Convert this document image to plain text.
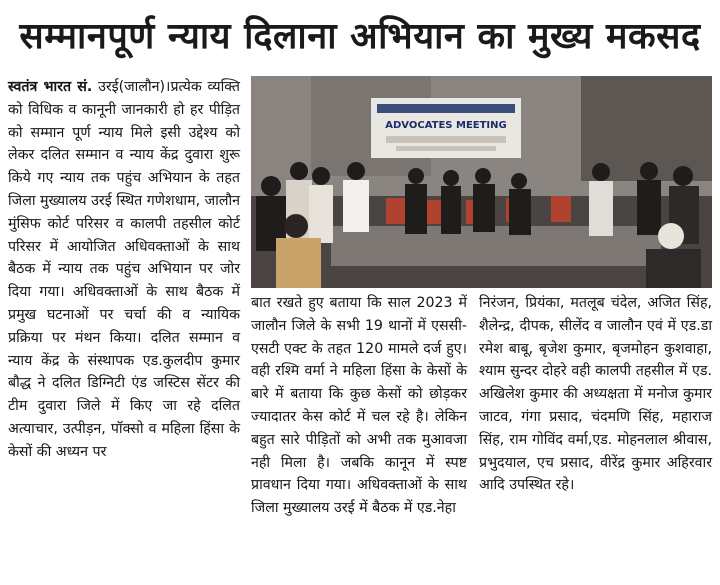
सम्मानपूर्ण न्याय दिलाना अभियान का मुख्य मकसद

स्वतंत्र भारत सं. उरई(जालौन)।प्रत्येक व्यक्ति को विधिक व कानूनी जानकारी हो हर पीड़ित को सम्मान पूर्ण न्याय मिले इसी उद्देश्य को लेकर दलित सम्मान व न्याय केंद्र दुवारा शुरू किये गए न्याय तक पहुंच अभियान के तहत जिला मुख्यालय उरई स्थित गणेशधाम, जालौन मुंसिफ कोर्ट परिसर व कालपी तहसील कोर्ट परिसर में आयोजित अधिवक्ताओं के साथ बैठक में न्याय तक पहुंच अभियान पर जोर दिया गया। अधिवक्ताओं के साथ बैठक में प्रमुख घटनाओं पर चर्चा की व न्यायिक प्रक्रिया पर मंथन किया। दलित सम्मान व न्याय केंद्र के संस्थापक एड.कुलदीप कुमार बौद्ध ने दलित डिग्निटी एंड जस्टिस सेंटर की टीम दुवारा जिले में किए जा रहे दलित अत्याचार, उत्पीड़न, पॉक्सो व महिला हिंसा के केसों की अध्यन पर

ADVOCATES MEETING

बात रखते हुए बताया कि साल 2023 में जालौन जिले के सभी 19 थानों में एससी-एसटी एक्ट के तहत 120 मामले दर्ज हुए। वही रश्मि वर्मा ने महिला हिंसा के केसों के बारे में बताया कि कुछ केसों को छोड़कर ज्यादातर केस कोर्ट में चल रहे है। लेकिन बहुत सारे पीड़ितों को अभी तक मुआवजा नही मिला है। जबकि कानून में स्पष्ट प्रावधान दिया गया। अधिवक्ताओं के साथ जिला मुख्यालय उरई में बैठक में एड.नेहा

निरंजन, प्रियंका, मतलूब चंदेल, अजित सिंह, शैलेन्द्र, दीपक, सीलेंद व जालौन एवं में एड.डा रमेश बाबू, बृजेश कुमार, बृजमोहन कुशवाहा, श्याम सुन्दर दोहरे वही कालपी तहसील में एड. अखिलेश कुमार की अध्यक्षता में मनोज कुमार जाटव, गंगा प्रसाद, चंदमणि सिंह, महाराज सिंह, राम गोविंद वर्मा,एड. मोहनलाल श्रीवास, प्रभुदयाल, एच प्रसाद, वीरेंद्र कुमार अहिरवार आदि उपस्थित रहे।
